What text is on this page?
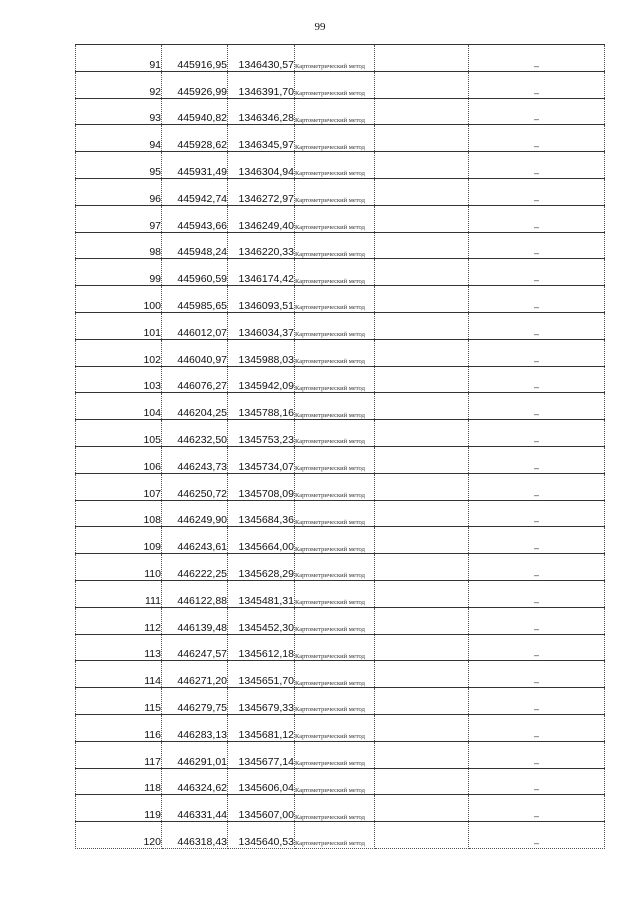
99
91	445916,95	1346430,57	Картометрический метод		–
92	445926,99	1346391,70	Картометрический метод		–
93	445940,82	1346346,28	Картометрический метод		–
94	445928,62	1346345,97	Картометрический метод		–
95	445931,49	1346304,94	Картометрический метод		–
96	445942,74	1346272,97	Картометрический метод		–
97	445943,66	1346249,40	Картометрический метод		–
98	445948,24	1346220,33	Картометрический метод		–
99	445960,59	1346174,42	Картометрический метод		–
100	445985,65	1346093,51	Картометрический метод		–
101	446012,07	1346034,37	Картометрический метод		–
102	446040,97	1345988,03	Картометрический метод		–
103	446076,27	1345942,09	Картометрический метод		–
104	446204,25	1345788,16	Картометрический метод		–
105	446232,50	1345753,23	Картометрический метод		–
106	446243,73	1345734,07	Картометрический метод		–
107	446250,72	1345708,09	Картометрический метод		–
108	446249,90	1345684,36	Картометрический метод		–
109	446243,61	1345664,00	Картометрический метод		–
110	446222,25	1345628,29	Картометрический метод		–
111	446122,88	1345481,31	Картометрический метод		–
112	446139,48	1345452,30	Картометрический метод		–
113	446247,57	1345612,18	Картометрический метод		–
114	446271,20	1345651,70	Картометрический метод		–
115	446279,75	1345679,33	Картометрический метод		–
116	446283,13	1345681,12	Картометрический метод		–
117	446291,01	1345677,14	Картометрический метод		–
118	446324,62	1345606,04	Картометрический метод		–
119	446331,44	1345607,00	Картометрический метод		–
120	446318,43	1345640,53	Картометрический метод		–
